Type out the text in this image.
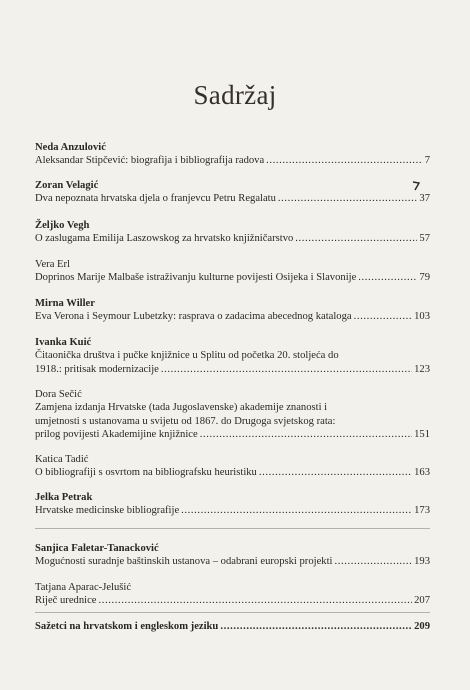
Sadržaj
Neda Anzulović
Aleksandar Stipčević: biografija i bibliografija radova .....	7
Zoran Velagić
Dva nepoznata hrvatska djela o franjevcu Petru Regalatu .....	37
Željko Vegh
O zaslugama Emilija Laszowskog za hrvatsko knjižničarstvo .....	57
Vera Erl
Doprinos Marije Malbaše istraživanju kulturne povijesti Osijeka i Slavonije .....	79
Mirna Willer
Eva Verona i Seymour Lubetzky: rasprava o zadacima abecednog kataloga .....	103
Ivanka Kuić
Čitaonička društva i pučke knjižnice u Splitu od početka 20. stoljeća do
1918.: pritisak modernizacije .....	123
Dora Sečić
Zamjena izdanja Hrvatske (tada Jugoslavenske) akademije znanosti i
umjetnosti s ustanovama u svijetu od 1867. do Drugoga svjetskog rata:
prilog povijesti Akademijine knjižnice .....	151
Katica Tadić
O bibliografiji s osvrtom na bibliografsku heuristiku .....	163
Jelka Petrak
Hrvatske medicinske bibliografije .....	173
Sanjica Faletar-Tanacković
Mogućnosti suradnje baštinskih ustanova – odabrani europski projekti .....	193
Tatjana Aparac-Jelušić
Riječ urednice .....	207
Sažetci na hrvatskom i engleskom jeziku .....	209
